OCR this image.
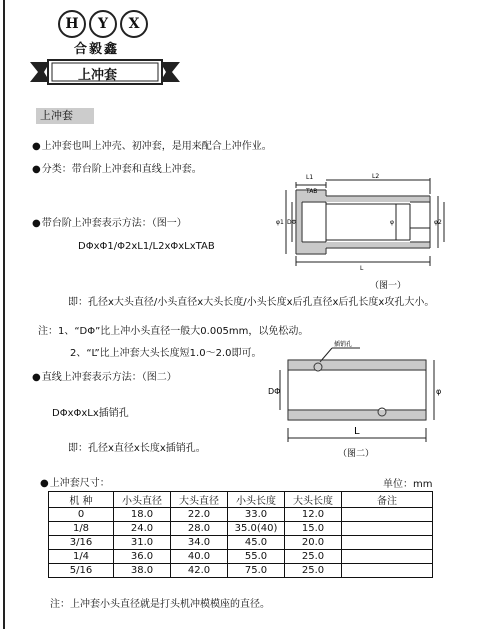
H	Y	X
合毅鑫
上冲套
上冲套
● 上冲套也叫上冲壳、初冲套，是用来配合上冲作业。
● 分类：带台阶上冲套和直线上冲套。
● 带台阶上冲套表示方法：（图一）
DΦxΦ1/Φ2xL1/L2xΦxLxTAB
即：孔径x大头直径/小头直径x大头长度/小头长度x后孔直径x后孔长度x攻孔大小。
注：1、“DΦ”比上冲小头直径一般大0.005mm，以免松动。
2、“L”比上冲套大头长度短1.0～2.0即可。
● 直线上冲套表示方法：（图二）
DΦxΦxLx插销孔
即：孔径x直径x长度x插销孔。
● 上冲套尺寸：	单位：mm
L1
TAB
L2
φ1 DΦ	φ	φ2
L
（图一）
插销孔
DΦ	φ
L
（图二）
机 种	小头直径	大头直径	小头长度	大头长度	备注
0	18.0	22.0	33.0	12.0	
1/8	24.0	28.0	35.0(40)	15.0	
3/16	31.0	34.0	45.0	20.0	
1/4	36.0	40.0	55.0	25.0	
5/16	38.0	42.0	75.0	25.0	
注：上冲套小头直径就是打头机冲模模座的直径。
